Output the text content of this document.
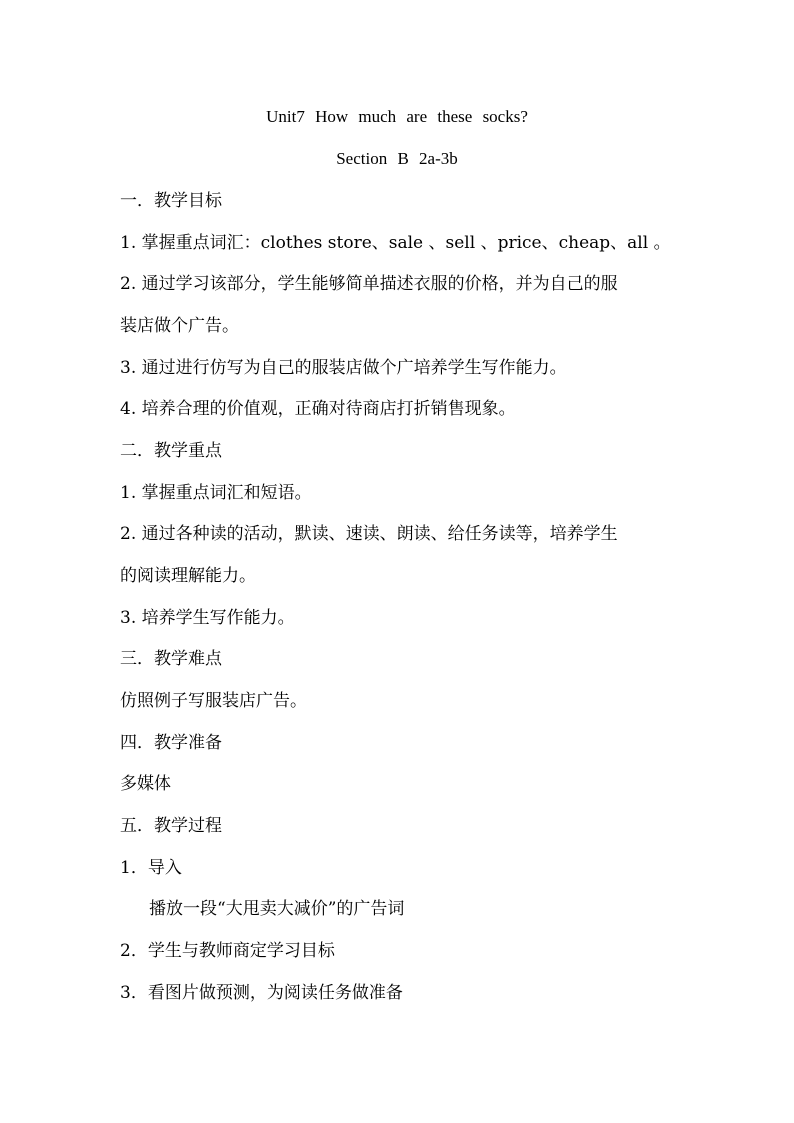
Unit7 How much are these socks?
Section B 2a-3b
一．教学目标
1. 掌握重点词汇：clothes store、sale 、sell 、price、cheap、all 。
2. 通过学习该部分，学生能够简单描述衣服的价格，并为自己的服
装店做个广告。
3. 通过进行仿写为自己的服装店做个广培养学生写作能力。
4. 培养合理的价值观，正确对待商店打折销售现象。
二．教学重点
1. 掌握重点词汇和短语。
2. 通过各种读的活动，默读、速读、朗读、给任务读等，培养学生
的阅读理解能力。
3. 培养学生写作能力。
三．教学难点
仿照例子写服装店广告。
四．教学准备
多媒体
五．教学过程
1．导入
播放一段“大甩卖大减价”的广告词
2．学生与教师商定学习目标
3．看图片做预测，为阅读任务做准备
